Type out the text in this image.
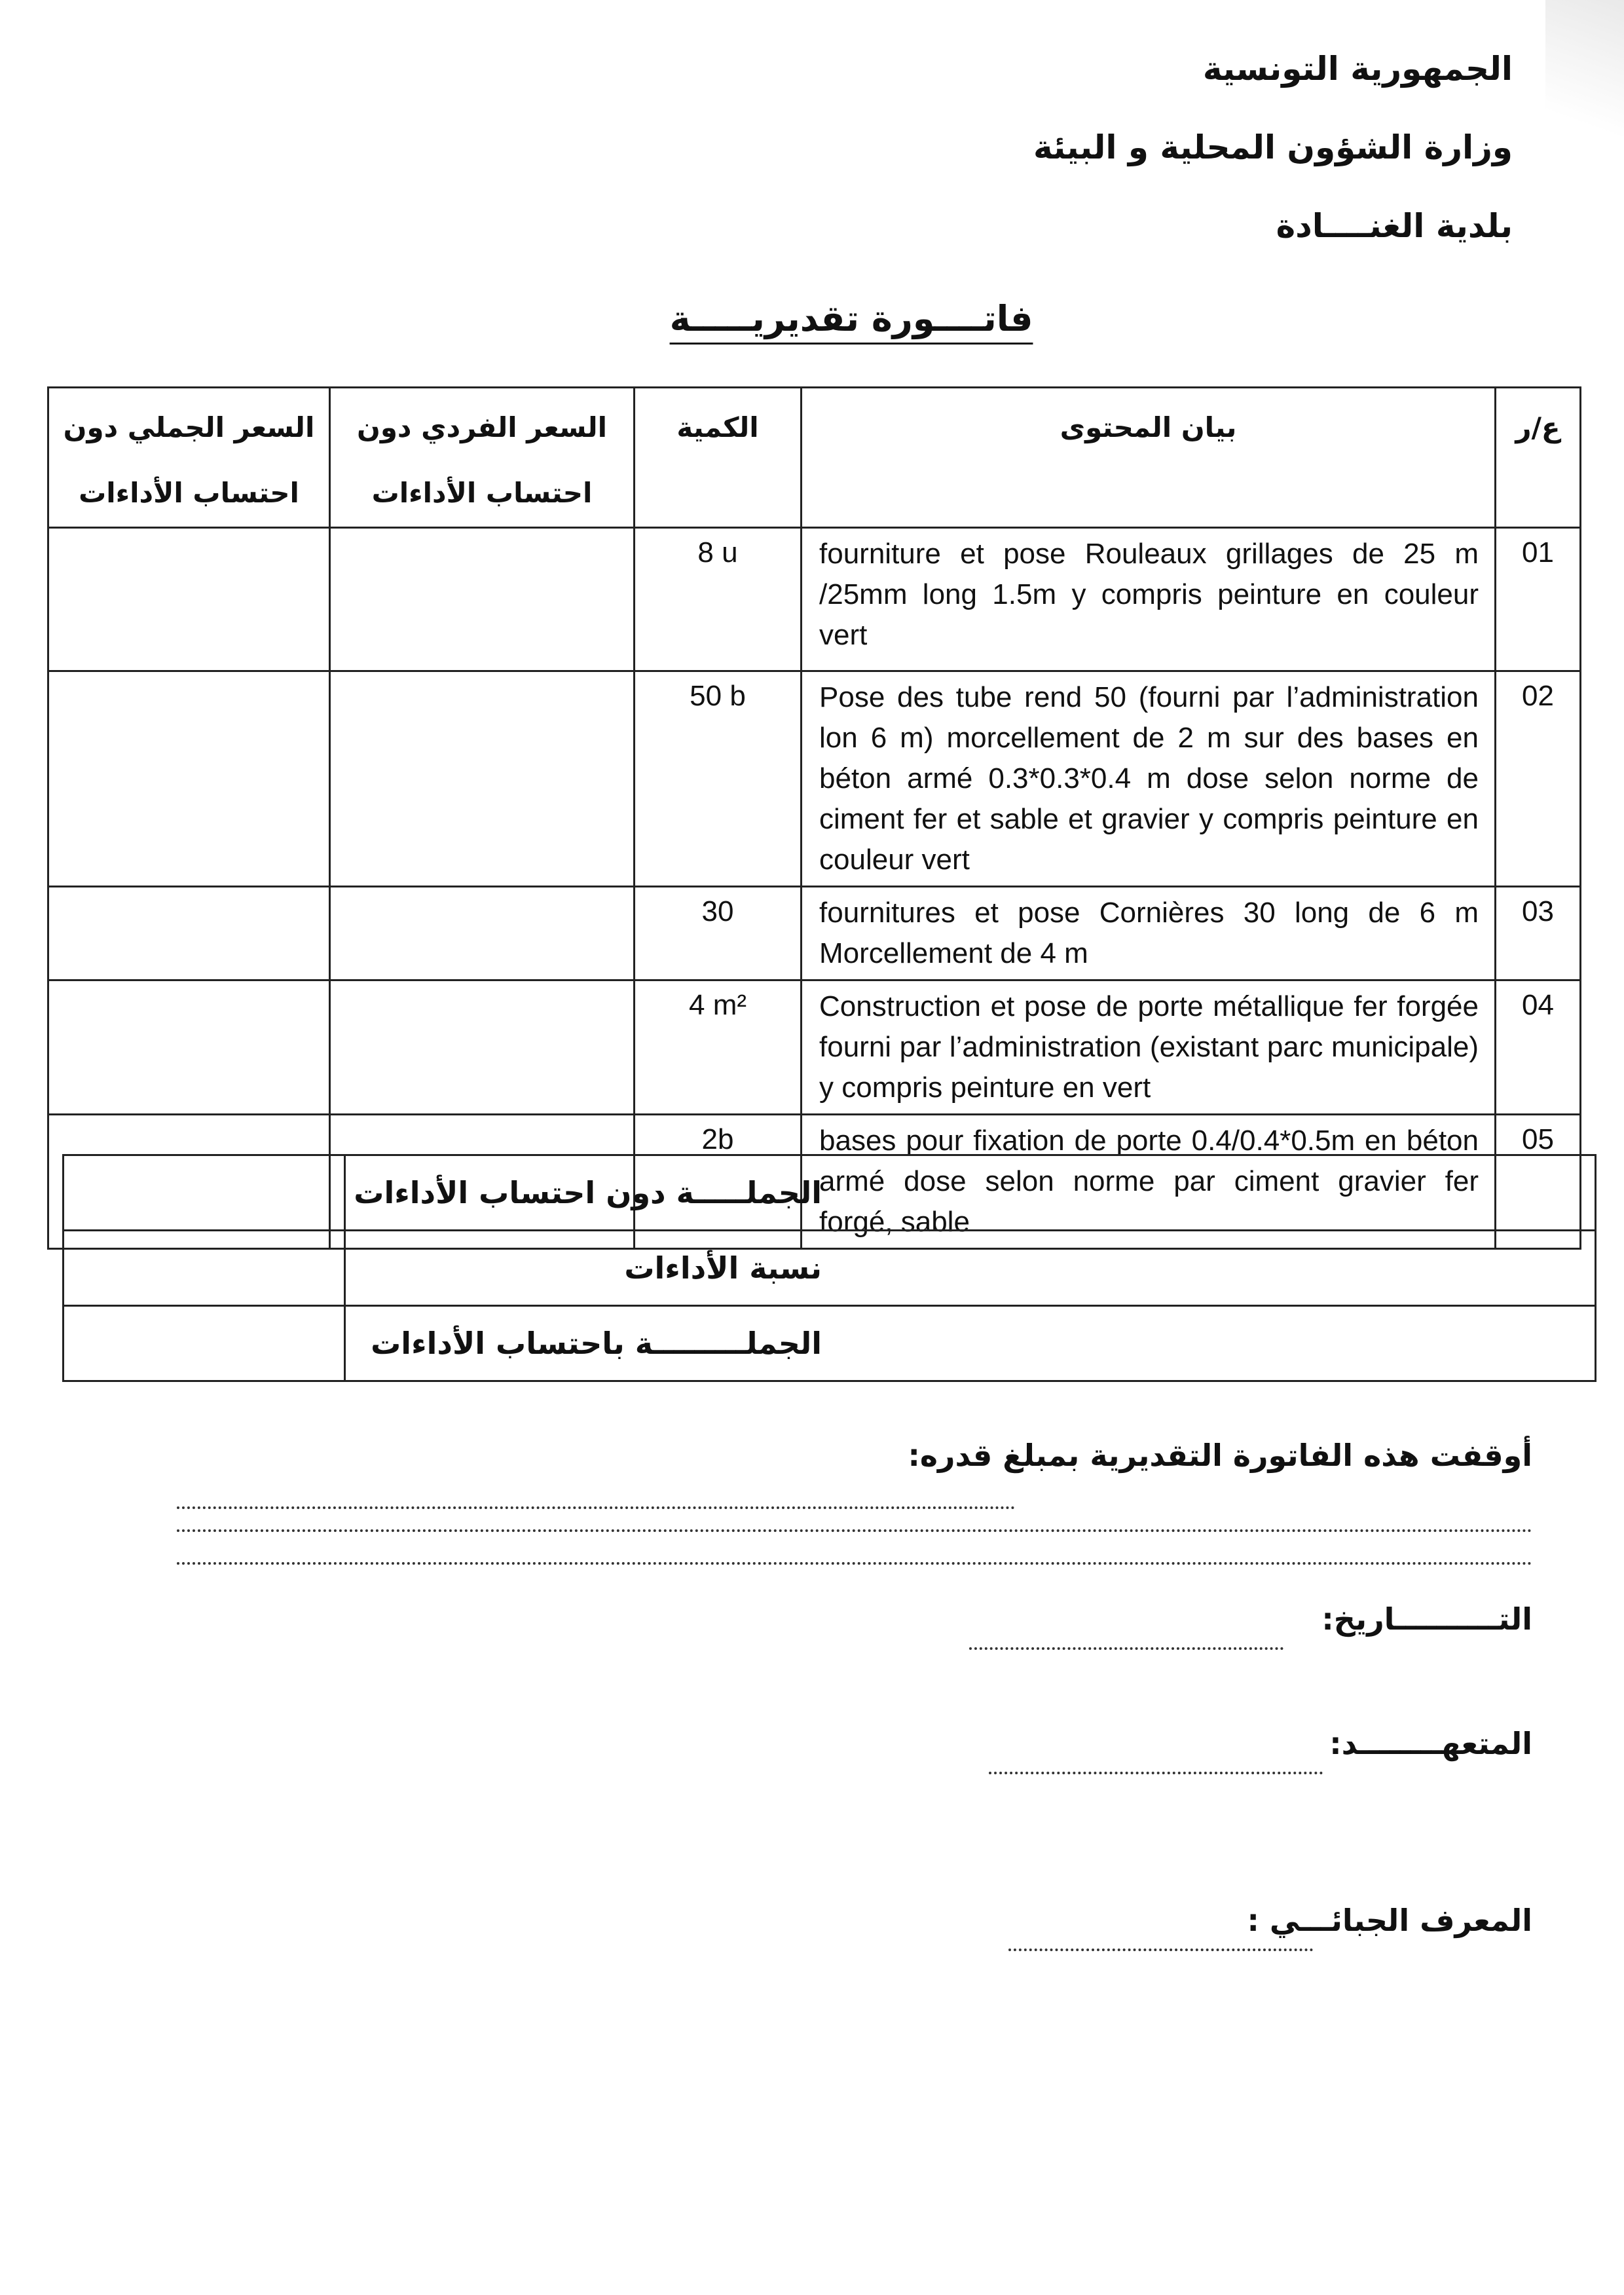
الجمهورية التونسية
وزارة الشؤون المحلية و البيئة
بلدية الغنــــادة
فاتــــورة تقديريـــــة
السعر الجملي دون احتساب الأداءات	السعر الفردي دون احتساب الأداءات	الكمية	بيان المحتوى	ع/ر
		8 u	fourniture et pose Rouleaux grillages de 25 m /25mm long 1.5m y compris peinture en couleur vert	01
		50 b	Pose des tube rend 50 (fourni par l’administration lon 6 m) morcellement de 2 m sur des bases en béton armé 0.3*0.3*0.4 m dose selon norme de ciment fer et sable et gravier y compris peinture en couleur vert	02
		30	fournitures et pose Cornières 30 long de 6 m Morcellement de 4 m	03
		4 m²	Construction et pose de porte métallique fer forgée fourni par l’administration (existant parc municipale) y compris peinture en vert	04
		2b	bases pour fixation de porte 0.4/0.4*0.5m en béton armé dose selon norme par ciment gravier fer forgé, sable	05
	الجملـــــة دون احتساب الأداءات
	نسبة الأداءات
	الجملـــــــــة باحتساب الأداءات
أوقفت هذه الفاتورة التقديرية بمبلغ قدره:
التــــــــــاريخ:
المتعهــــــــد:
المعرف الجبائـــي :
